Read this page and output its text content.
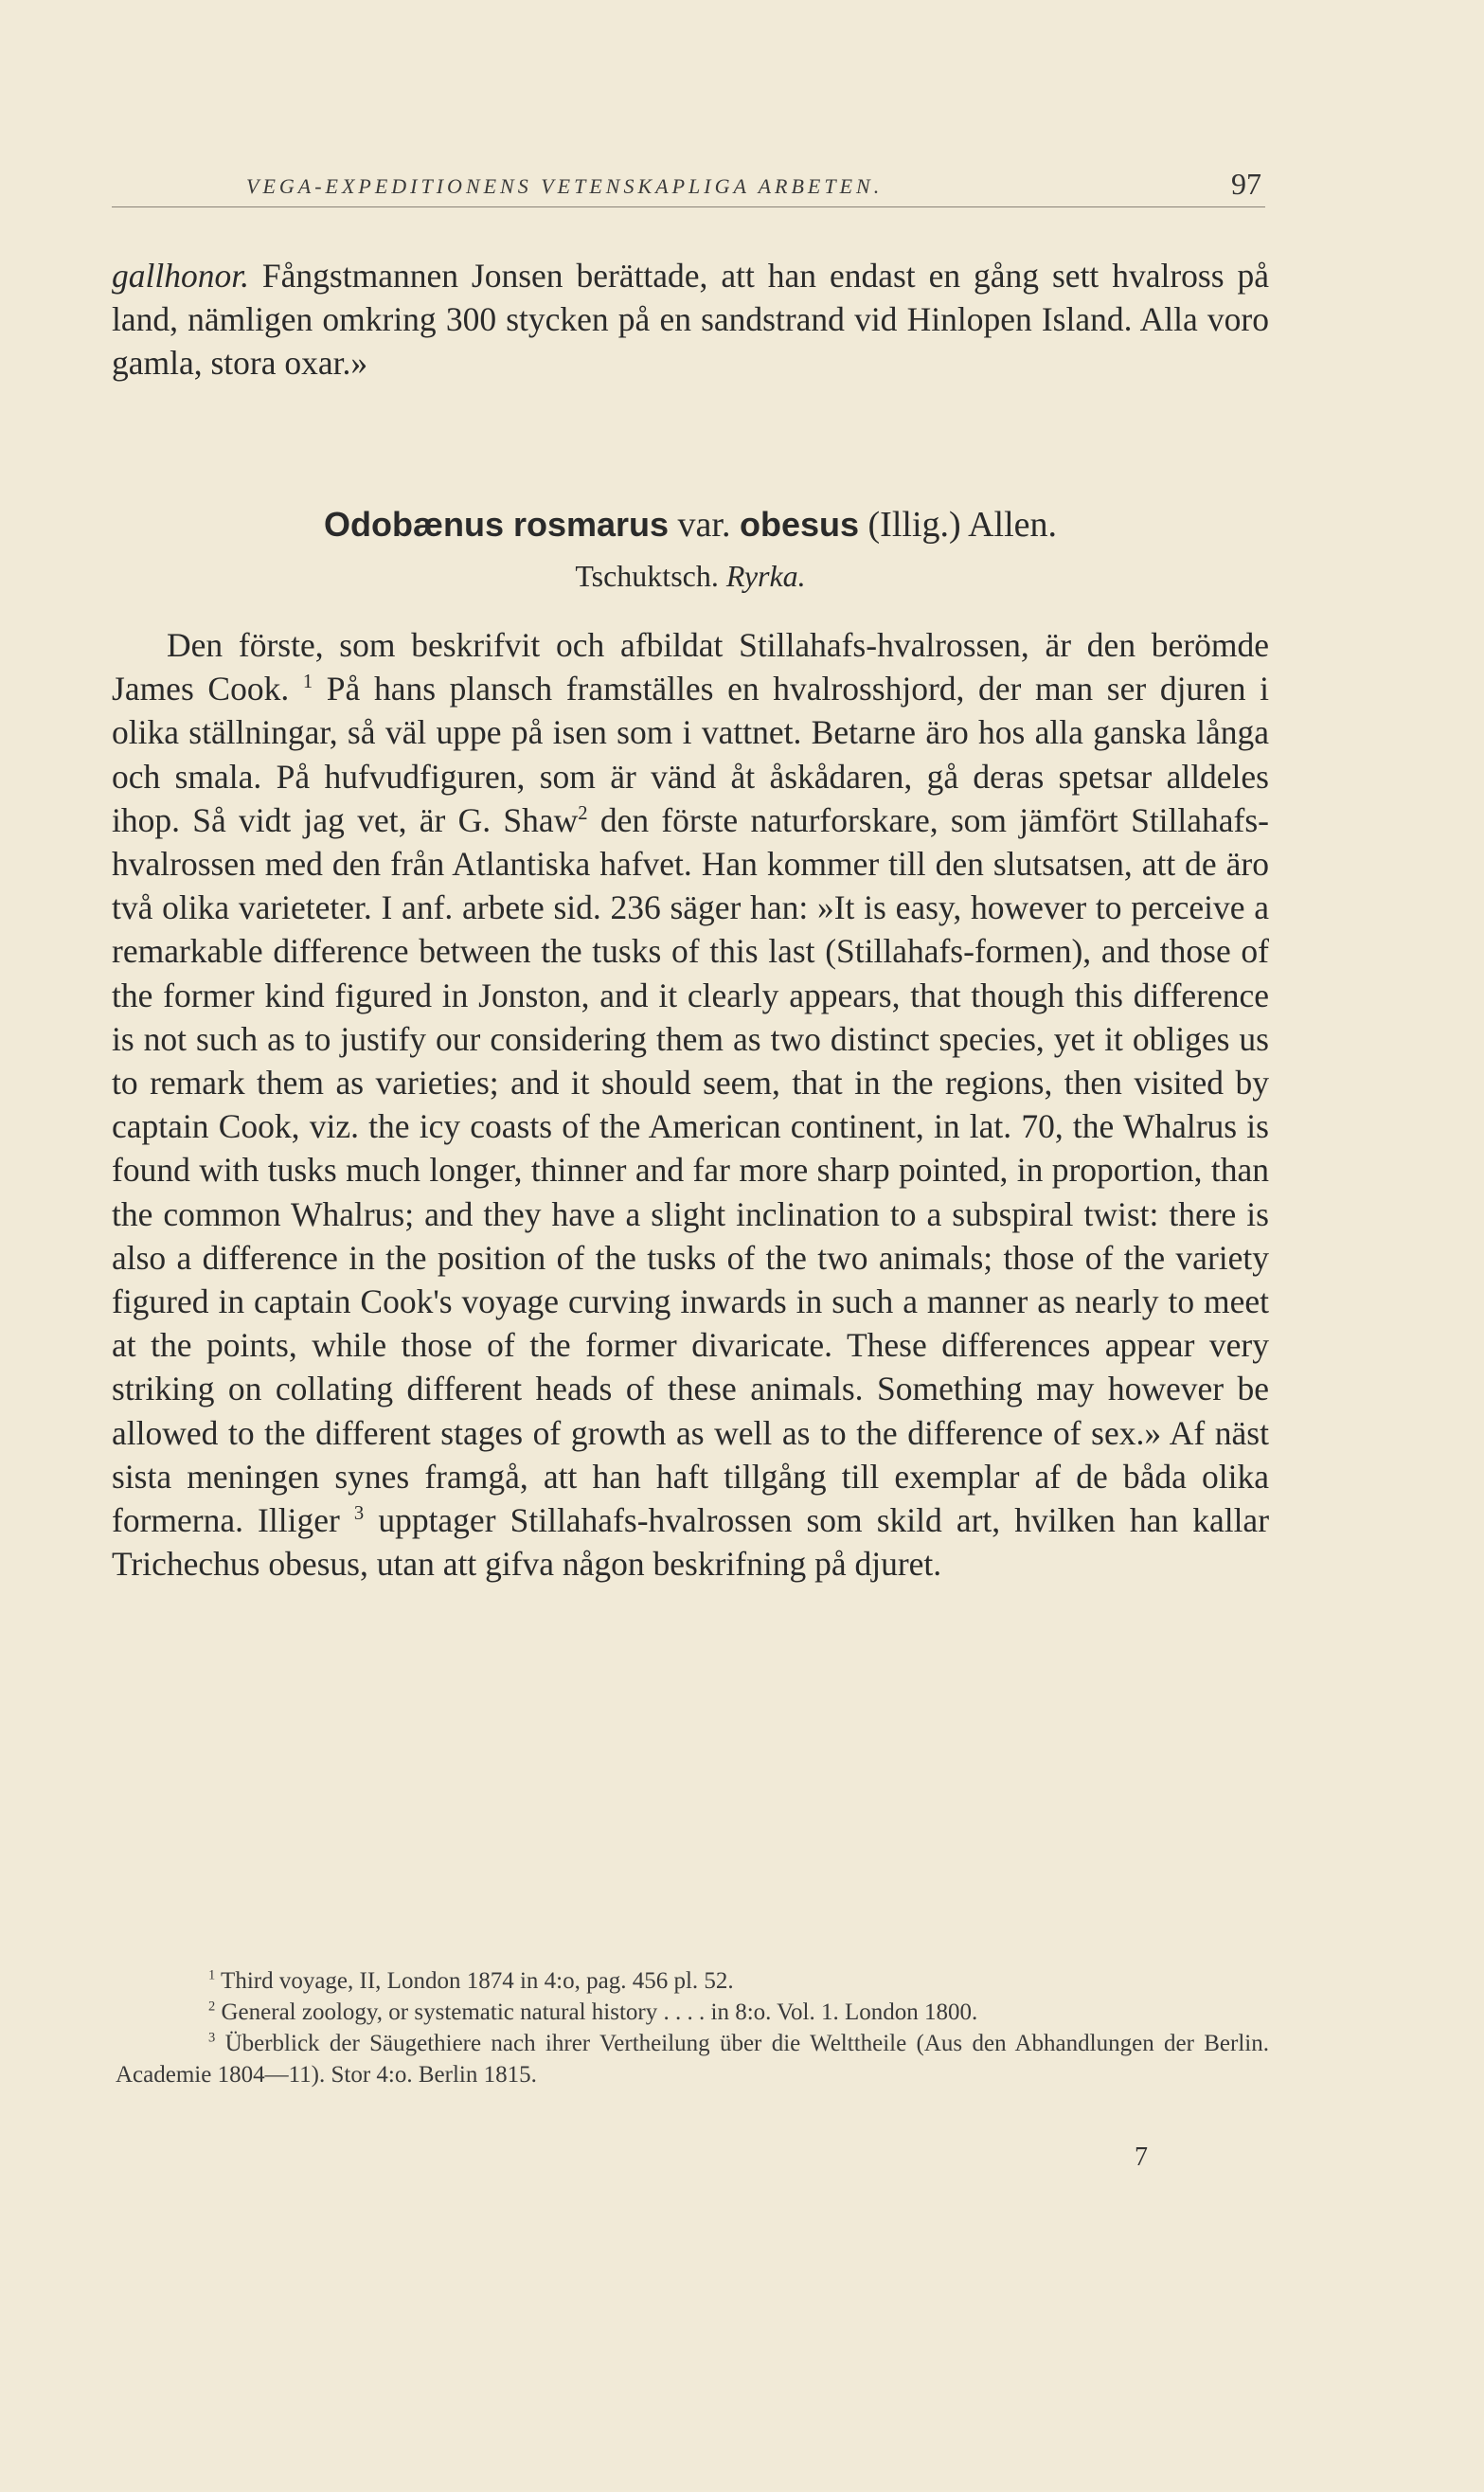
VEGA-EXPEDITIONENS VETENSKAPLIGA ARBETEN.	97

gallhonor. Fångstmannen Jonsen berättade, att han endast en gång sett hvalross på land, nämligen omkring 300 stycken på en sandstrand vid Hinlopen Island. Alla voro gamla, stora oxar.»

Odobænus rosmarus var. obesus (Illig.) Allen.
Tschuktsch. Ryrka.

Den förste, som beskrifvit och afbildat Stillahafs-hvalrossen, är den berömde James Cook. $^1$ På hans plansch framställes en hvalrosshjord, der man ser djuren i olika ställningar, så väl uppe på isen som i vattnet. Betarne äro hos alla ganska långa och smala. På hufvudfiguren, som är vänd åt åskådaren, gå deras spetsar alldeles ihop. Så vidt jag vet, är G. Shaw$^2$ den förste naturforskare, som jämfört Stillahafs-hvalrossen med den från Atlantiska hafvet. Han kommer till den slutsatsen, att de äro två olika varieteter. I anf. arbete sid. 236 säger han: »It is easy, however to perceive a remarkable difference between the tusks of this last (Stillahafs-formen), and those of the former kind figured in Jonston, and it clearly appears, that though this difference is not such as to justify our considering them as two distinct species, yet it obliges us to remark them as varieties; and it should seem, that in the regions, then visited by captain Cook, viz. the icy coasts of the American continent, in lat. 70, the Whalrus is found with tusks much longer, thinner and far more sharp pointed, in proportion, than the common Whalrus; and they have a slight inclination to a subspiral twist: there is also a difference in the position of the tusks of the two animals; those of the variety figured in captain Cook's voyage curving inwards in such a manner as nearly to meet at the points, while those of the former divaricate. These differences appear very striking on collating different heads of these animals. Something may however be allowed to the different stages of growth as well as to the difference of sex.» Af näst sista meningen synes framgå, att han haft tillgång till exemplar af de båda olika formerna. Illiger $^3$ upptager Stillahafs-hvalrossen som skild art, hvilken han kallar Trichechus obesus, utan att gifva någon beskrifning på djuret.

$^1$ Third voyage, II, London 1874 in 4:o, pag. 456 pl. 52.

$^2$ General zoology, or systematic natural history . . . . in 8:o. Vol. 1. London 1800.

$^3$ Überblick der Säugethiere nach ihrer Vertheilung über die Welttheile (Aus den Abhandlungen der Berlin. Academie 1804—11). Stor 4:o. Berlin 1815.

7
